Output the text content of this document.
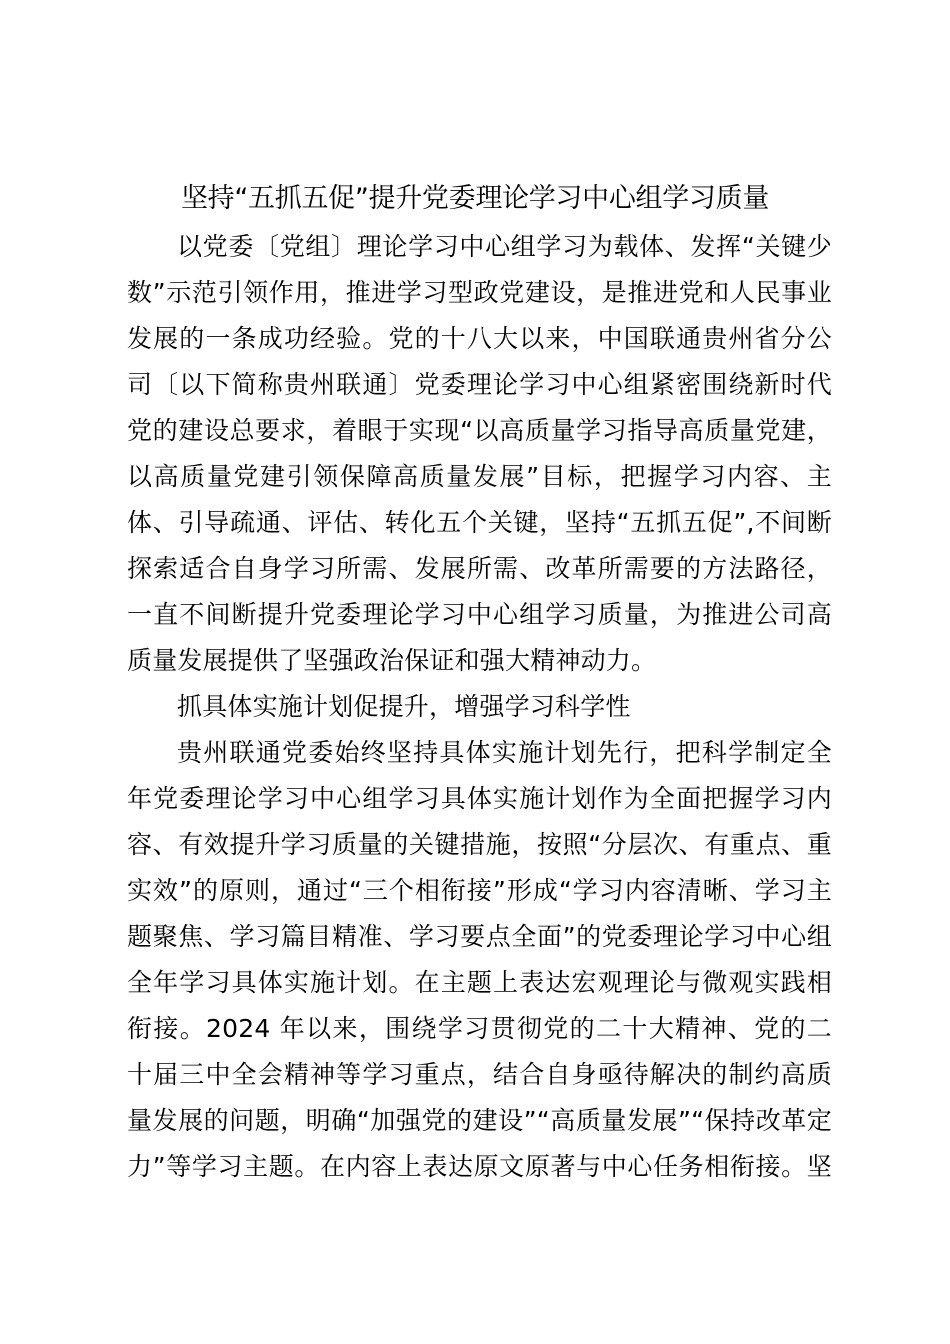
坚持“五抓五促”提升党委理论学习中心组学习质量
以党委〔党组〕理论学习中心组学习为载体、发挥“关键少
数”示范引领作用，推进学习型政党建设，是推进党和人民事业
发展的一条成功经验。党的十八大以来，中国联通贵州省分公
司〔以下简称贵州联通〕党委理论学习中心组紧密围绕新时代
党的建设总要求，着眼于实现“以高质量学习指导高质量党建，
以高质量党建引领保障高质量发展”目标，把握学习内容、主
体、引导疏通、评估、转化五个关键，坚持“五抓五促”,不间断
探索适合自身学习所需、发展所需、改革所需要的方法路径，
一直不间断提升党委理论学习中心组学习质量，为推进公司高
质量发展提供了坚强政治保证和强大精神动力。
抓具体实施计划促提升，增强学习科学性
贵州联通党委始终坚持具体实施计划先行，把科学制定全
年党委理论学习中心组学习具体实施计划作为全面把握学习内
容、有效提升学习质量的关键措施，按照“分层次、有重点、重
实效”的原则，通过“三个相衔接”形成“学习内容清晰、学习主
题聚焦、学习篇目精准、学习要点全面”的党委理论学习中心组
全年学习具体实施计划。在主题上表达宏观理论与微观实践相
衔接。2024 年以来，围绕学习贯彻党的二十大精神、党的二
十届三中全会精神等学习重点，结合自身亟待解决的制约高质
量发展的问题，明确“加强党的建设”“高质量发展”“保持改革定
力”等学习主题。在内容上表达原文原著与中心任务相衔接。坚
